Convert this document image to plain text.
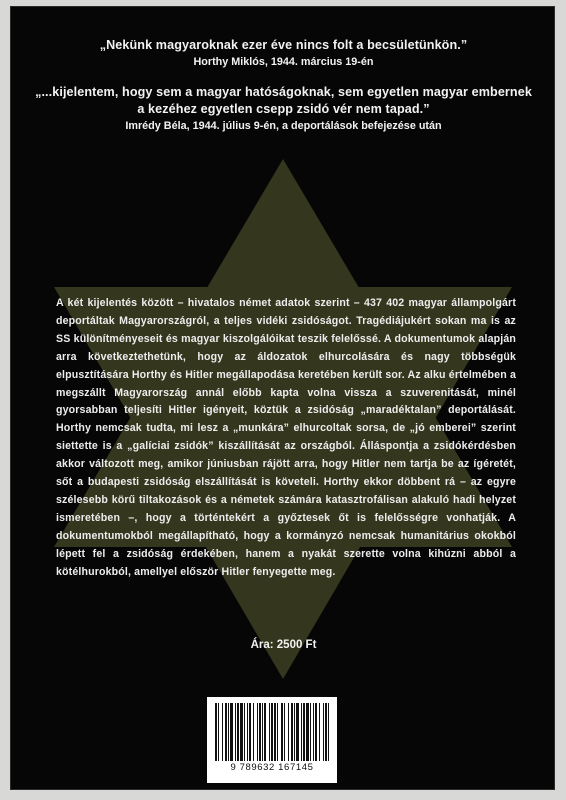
„Nekünk magyaroknak ezer éve nincs folt a becsületünkön.”
Horthy Miklós, 1944. március 19-én
„...kijelentem, hogy sem a magyar hatóságoknak, sem egyetlen magyar embernek a kezéhez egyetlen csepp zsidó vér nem tapad.”
Imrédy Béla, 1944. július 9-én, a deportálások befejezése után
A két kijelentés között – hivatalos német adatok szerint – 437 402 magyar állampolgárt deportáltak Magyarországról, a teljes vidéki zsidóságot. Tragédiájukért sokan ma is az SS különítményeseit és magyar kiszolgálóikat teszik felelőssé. A dokumentumok alapján arra következtethetünk, hogy az áldozatok elhurcolására és nagy többségük elpusztítására Horthy és Hitler megállapodása keretében került sor. Az alku értelmében a megszállt Magyarország annál előbb kapta volna vissza a szuverenitását, minél gyorsabban teljesíti Hitler igényeit, köztük a zsidóság „maradéktalan” deportálását. Horthy nemcsak tudta, mi lesz a „munkára” elhurcoltak sorsa, de „jó emberei” szerint siettette is a „galíciai zsidók” kiszállítását az országból. Álláspontja a zsidókérdésben akkor változott meg, amikor júniusban rájött arra, hogy Hitler nem tartja be az ígéretét, sőt a budapesti zsidóság elszállítását is követeli. Horthy ekkor döbbent rá – az egyre szélesebb körű tiltakozások és a németek számára katasztrofálisan alakuló hadi helyzet ismeretében –, hogy a történtekért a győztesek őt is felelősségre vonhatják. A dokumentumokból megállapítható, hogy a kormányzó nemcsak humanitárius okokból lépett fel a zsidóság érdekében, hanem a nyakát szerette volna kihúzni abból a kötélhurokból, amellyel először Hitler fenyegette meg.
Ára: 2500 Ft
9 789632 167145
